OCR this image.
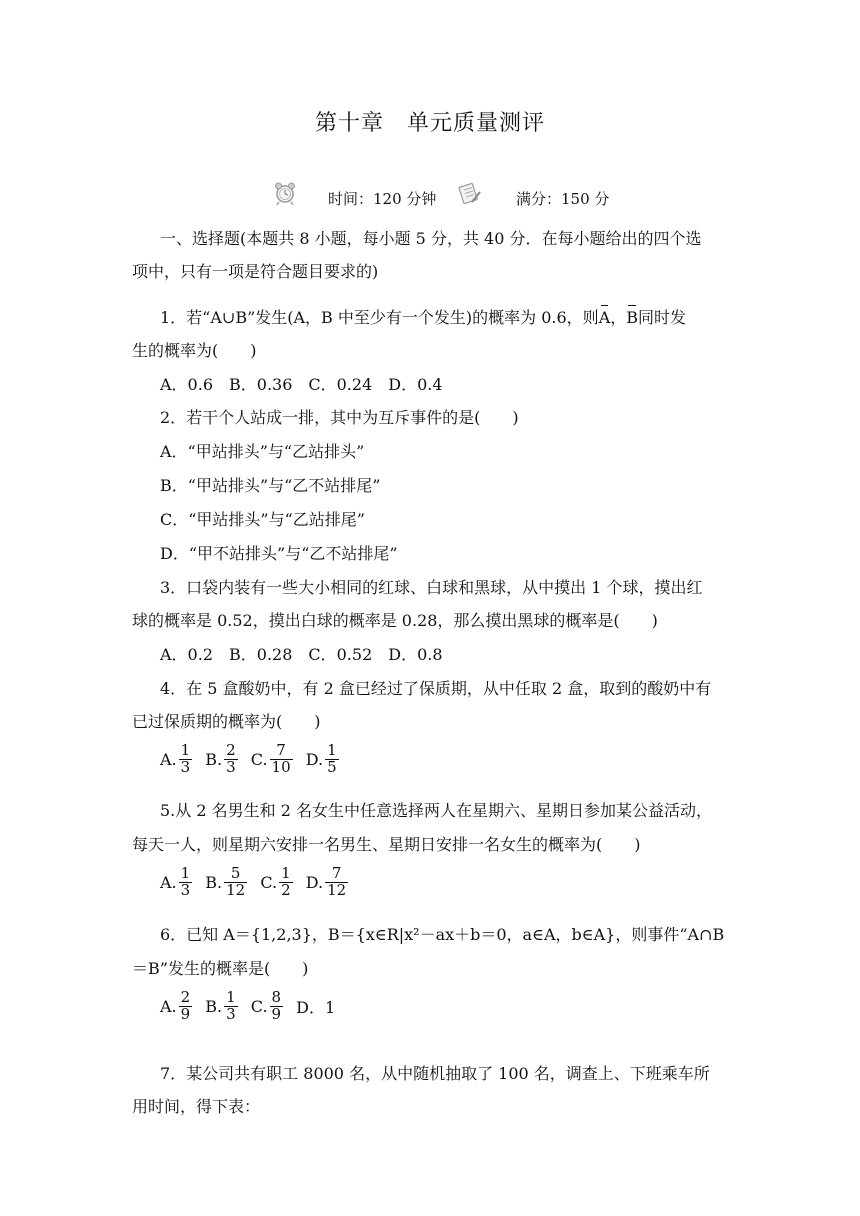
第十章　单元质量测评
时间：120 分钟	满分：150 分
一、选择题(本题共 8 小题，每小题 5 分，共 40 分．在每小题给出的四个选
项中，只有一项是符合题目要求的)
1．若“A∪B”发生(A，B 中至少有一个发生)的概率为 0.6，则A，B同时发
生的概率为(　　)
A．0.6　B．0.36　C．0.24　D．0.4
2．若干个人站成一排，其中为互斥事件的是(　　)
A．“甲站排头”与“乙站排头”
B．“甲站排头”与“乙不站排尾”
C．“甲站排头”与“乙站排尾”
D．“甲不站排头”与“乙不站排尾”
3．口袋内装有一些大小相同的红球、白球和黑球，从中摸出 1 个球，摸出红
球的概率是 0.52，摸出白球的概率是 0.28，那么摸出黑球的概率是(　　)
A．0.2　B．0.28　C．0.52　D．0.8
4．在 5 盒酸奶中，有 2 盒已经过了保质期，从中任取 2 盒，取到的酸奶中有
已过保质期的概率为(　　)
A. $\frac{1}{3} B$. $\frac{2}{3} C$. $\frac{7}{10} D$. $\frac{1}{5}$
5.从 2 名男生和 2 名女生中任意选择两人在星期六、星期日参加某公益活动，
每天一人，则星期六安排一名男生、星期日安排一名女生的概率为(　　)
A. $\frac{1}{3} B$. $\frac{5}{12} C$. $\frac{1}{2} D$. $\frac{7}{12}$
6．已知 A＝{1,2,3}，B＝{x∈R|x²－ax＋b＝0，a∈A，b∈A}，则事件“A∩B
＝B”发生的概率是(　　)
A. $\frac{2}{9} B$. $\frac{1}{3} C$. $\frac{8}{9}$ D．1
7．某公司共有职工 8000 名，从中随机抽取了 100 名，调查上、下班乘车所
用时间，得下表：
